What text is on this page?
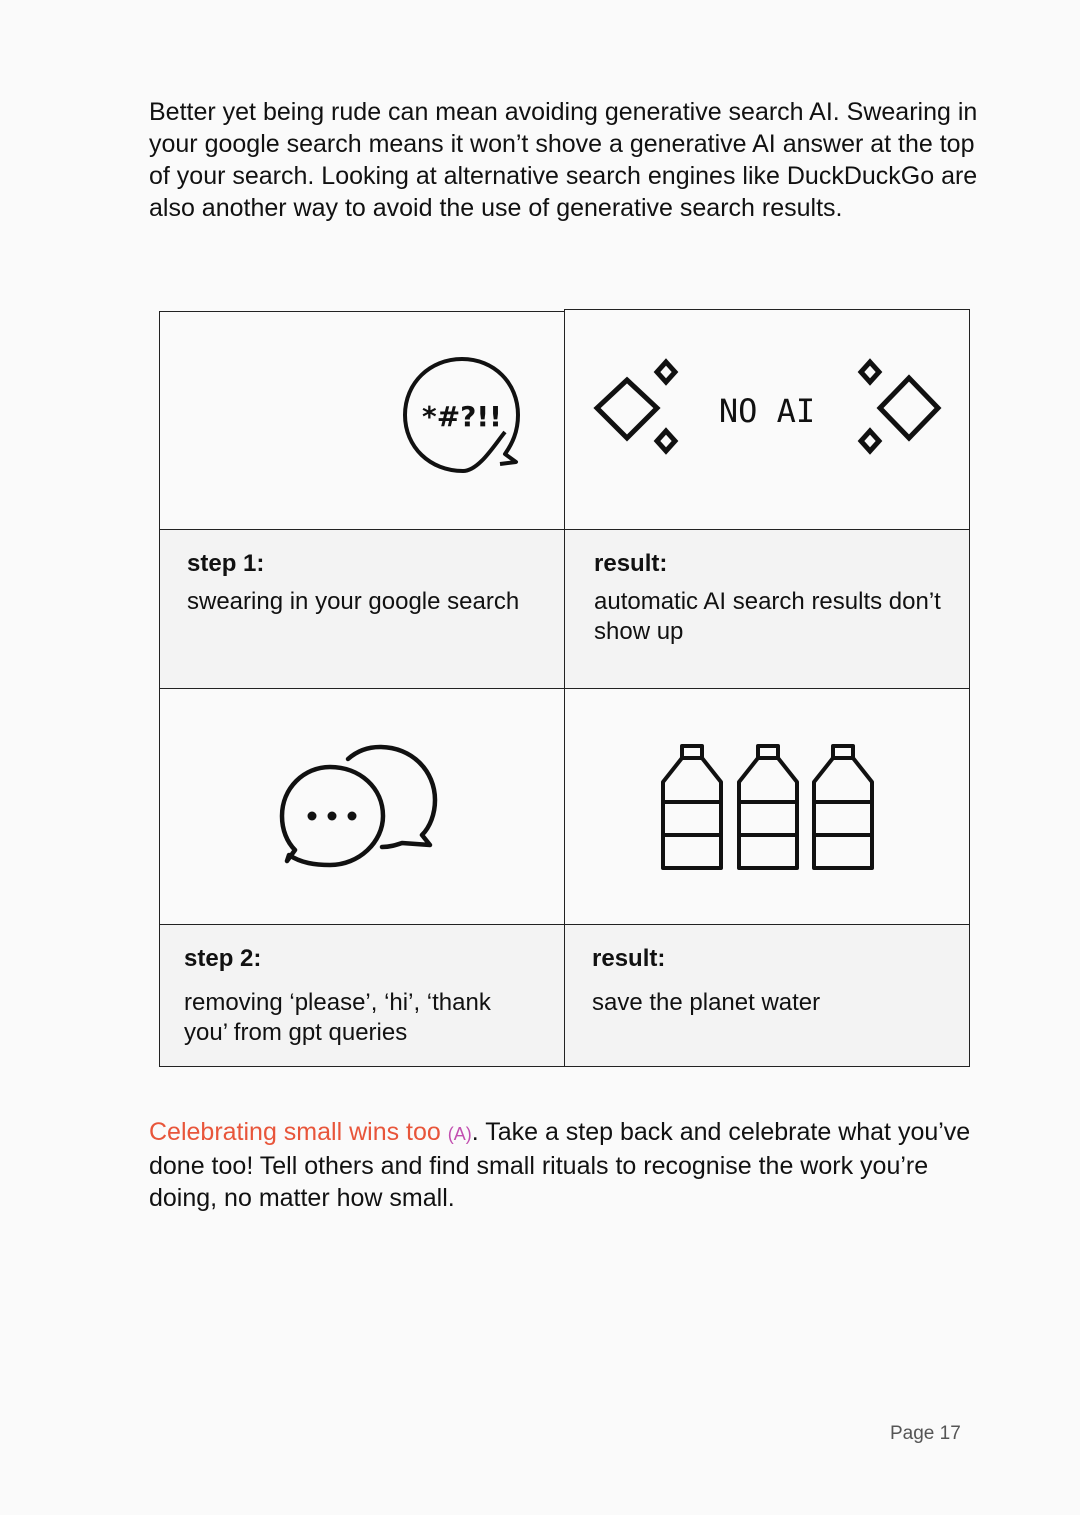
Better yet being rude can mean avoiding generative search AI. Swearing in your google search means it won’t shove a generative AI answer at the top of your search. Looking at alternative search engines like DuckDuckGo are also another way to avoid the use of generative search results.

*#?!!	NO AI

step 1:

swearing in your google search

result:

automatic AI search results don’t show up

step 2:

removing ‘please’, ‘hi’, ‘thank you’ from gpt queries

result:

save the planet water

Celebrating small wins too (A). Take a step back and celebrate what you’ve done too! Tell others and find small rituals to recognise the work you’re doing, no matter how small.

Page 17
